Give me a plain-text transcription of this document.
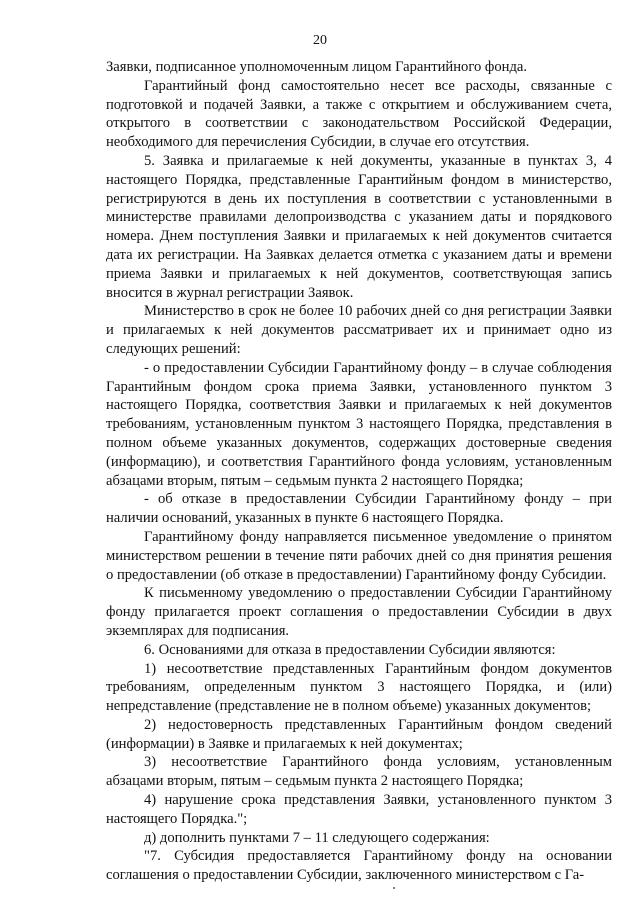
20

Заявки, подписанное уполномоченным лицом Гарантийного фонда.

Гарантийный фонд самостоятельно несет все расходы, связанные с подготовкой и подачей Заявки, а также с открытием и обслуживанием счета, открытого в соответствии с законодательством Российской Федерации, необходимого для перечисления Субсидии, в случае его отсутствия.

5. Заявка и прилагаемые к ней документы, указанные в пунктах 3, 4 настоящего Порядка, представленные Гарантийным фондом в министерство, регистрируются в день их поступления в соответствии с установленными в министерстве правилами делопроизводства с указанием даты и порядкового номера. Днем поступления Заявки и прилагаемых к ней документов считается дата их регистрации. На Заявках делается отметка с указанием даты и времени приема Заявки и прилагаемых к ней документов, соответствующая запись вносится в журнал регистрации Заявок.

Министерство в срок не более 10 рабочих дней со дня регистрации Заявки и прилагаемых к ней документов рассматривает их и принимает одно из следующих решений:

- о предоставлении Субсидии Гарантийному фонду – в случае соблюдения Гарантийным фондом срока приема Заявки, установленного пунктом 3 настоящего Порядка, соответствия Заявки и прилагаемых к ней документов требованиям, установленным пунктом 3 настоящего Порядка, представления в полном объеме указанных документов, содержащих достоверные сведения (информацию), и соответствия Гарантийного фонда условиям, установленным абзацами вторым, пятым – седьмым пункта 2 настоящего Порядка;

- об отказе в предоставлении Субсидии Гарантийному фонду – при наличии оснований, указанных в пункте 6 настоящего Порядка.

Гарантийному фонду направляется письменное уведомление о принятом министерством решении в течение пяти рабочих дней со дня принятия решения о предоставлении (об отказе в предоставлении) Гарантийному фонду Субсидии.

К письменному уведомлению о предоставлении Субсидии Гарантийному фонду прилагается проект соглашения о предоставлении Субсидии в двух экземплярах для подписания.

6. Основаниями для отказа в предоставлении Субсидии являются:

1) несоответствие представленных Гарантийным фондом документов требованиям, определенным пунктом 3 настоящего Порядка, и (или) непредставление (представление не в полном объеме) указанных документов;

2) недостоверность представленных Гарантийным фондом сведений (информации) в Заявке и прилагаемых к ней документах;

3) несоответствие Гарантийного фонда условиям, установленным абзацами вторым, пятым – седьмым пункта 2 настоящего Порядка;

4) нарушение срока представления Заявки, установленного пунктом 3 настоящего Порядка.";

д) дополнить пунктами 7 – 11 следующего содержания:

"7. Субсидия предоставляется Гарантийному фонду на основании соглашения о предоставлении Субсидии, заключенного министерством с Га-
